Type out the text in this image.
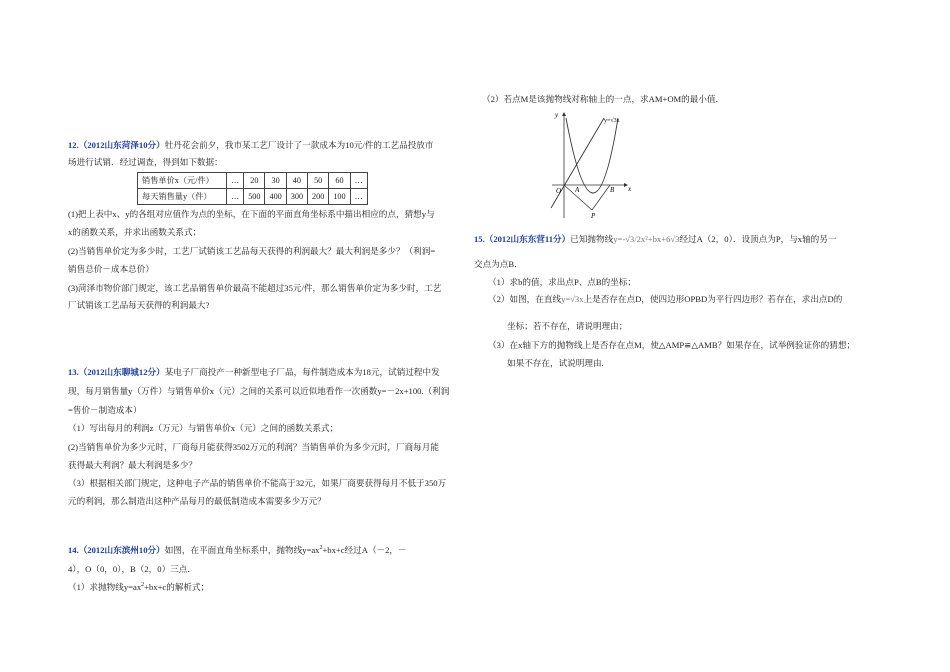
12.（2012山东菏泽10分）牡丹花会前夕，我市某工艺厂设计了一款成本为10元/件的工艺品投放市
场进行试销．经过调查，得到如下数据：
销售单价x（元/件）	…	20	30	40	50	60	…
每天销售量y（件）	…	500	400	300	200	100	…
(1)把上表中x、y的各组对应值作为点的坐标，在下面的平面直角坐标系中描出相应的点，猜想y与
x的函数关系，并求出函数关系式；
(2)当销售单价定为多少时，工艺厂试销该工艺品每天获得的利润最大？最大利润是多少？（利润=
销售总价－成本总价）
(3)菏泽市物价部门规定，该工艺品销售单价最高不能超过35元/件，那么销售单价定为多少时，工艺
厂试销该工艺品每天获得的利润最大?
13.（2012山东聊城12分）某电子厂商投产一种新型电子厂品，每件制造成本为18元，试销过程中发
现，每月销售量y（万件）与销售单价x（元）之间的关系可以近似地看作一次函数y=－2x+100.（利润
=售价－制造成本）
（1）写出每月的利润z（万元）与销售单价x（元）之间的函数关系式；
(2)当销售单价为多少元时，厂商每月能获得3502万元的利润？当销售单价为多少元时，厂商每月能
获得最大利润？最大利润是多少？
（3）根据相关部门规定，这种电子产品的销售单价不能高于32元，如果厂商要获得每月不低于350万
元的利润，那么制造出这种产品每月的最低制造成本需要多少万元？
14.（2012山东滨州10分）如图，在平面直角坐标系中，抛物线$y=ax^2+bx+c$经过A（－2，－
4），O（0，0），B（2，0）三点．
（1）求抛物线$y=ax^2+bx+c$的解析式；
（2）若点M是该抛物线对称轴上的一点，求AM+OM的最小值．
y
x
O A	B
P
y=√3x
15.（2012山东东营11分）已知抛物线y=-√3/2x²+bx+6√3经过A（2，0）．设顶点为P，与x轴的另一
交点为点B．
（1）求b的值，求出点P、点B的坐标；
（2）如图，在直线y=√3x上是否存在点D，使四边形OPBD为平行四边形？若存在，求出点D的
坐标；若不存在，请说明理由；
（3）在x轴下方的抛物线上是否存在点M，使△AMP≌△AMB？如果存在，试举例验证你的猜想；
如果不存在，试说明理由.
